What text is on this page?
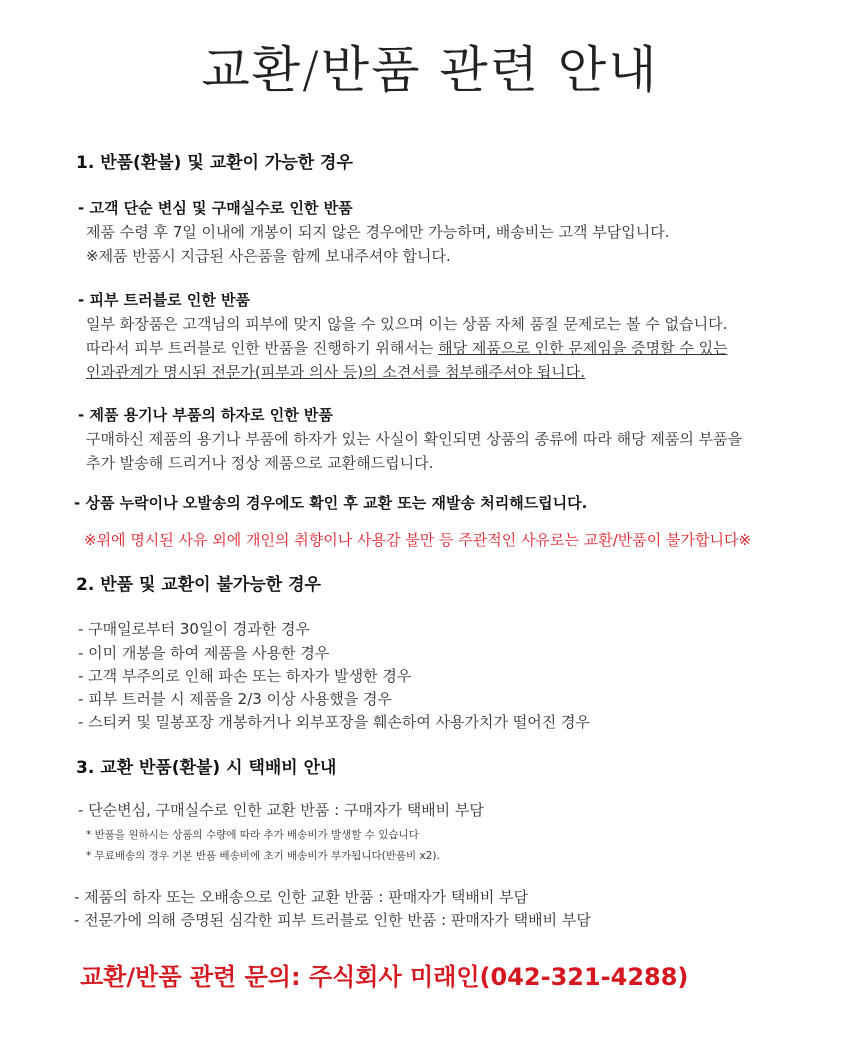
교환/반품 관련 안내
1. 반품(환불) 및 교환이 가능한 경우
- 고객 단순 변심 및 구매실수로 인한 반품
제품 수령 후 7일 이내에 개봉이 되지 않은 경우에만 가능하며, 배송비는 고객 부담입니다.
※제품 반품시 지급된 사은품을 함께 보내주셔야 합니다.
- 피부 트러블로 인한 반품
일부 화장품은 고객님의 피부에 맞지 않을 수 있으며 이는 상품 자체 품질 문제로는 볼 수 없습니다.
따라서 피부 트러블로 인한 반품을 진행하기 위해서는 해당 제품으로 인한 문제임을 증명할 수 있는
인과관계가 명시된 전문가(피부과 의사 등)의 소견서를 첨부해주셔야 됩니다.
- 제품 용기나 부품의 하자로 인한 반품
구매하신 제품의 용기나 부품에 하자가 있는 사실이 확인되면 상품의 종류에 따라 해당 제품의 부품을
추가 발송해 드리거나 정상 제품으로 교환해드립니다.
- 상품 누락이나 오발송의 경우에도 확인 후 교환 또는 재발송 처리해드립니다.
※위에 명시된 사유 외에 개인의 취향이나 사용감 불만 등 주관적인 사유로는 교환/반품이 불가합니다※
2. 반품 및 교환이 불가능한 경우
- 구매일로부터 30일이 경과한 경우
- 이미 개봉을 하여 제품을 사용한 경우
- 고객 부주의로 인해 파손 또는 하자가 발생한 경우
- 피부 트러블 시 제품을 2/3 이상 사용했을 경우
- 스티커 및 밀봉포장 개봉하거나 외부포장을 훼손하여 사용가치가 떨어진 경우
3. 교환 반품(환불) 시 택배비 안내
- 단순변심, 구매실수로 인한 교환 반품 : 구매자가 택배비 부담
* 반품을 원하시는 상품의 수량에 따라 추가 배송비가 발생할 수 있습니다
* 무료배송의 경우 기본 반품 배송비에 초기 배송비가 부가됩니다(반품비 x2).
- 제품의 하자 또는 오배송으로 인한 교환 반품 : 판매자가 택배비 부담
- 전문가에 의해 증명된 심각한 피부 트러블로 인한 반품 : 판매자가 택배비 부담
교환/반품 관련 문의: 주식회사 미래인(042-321-4288)
